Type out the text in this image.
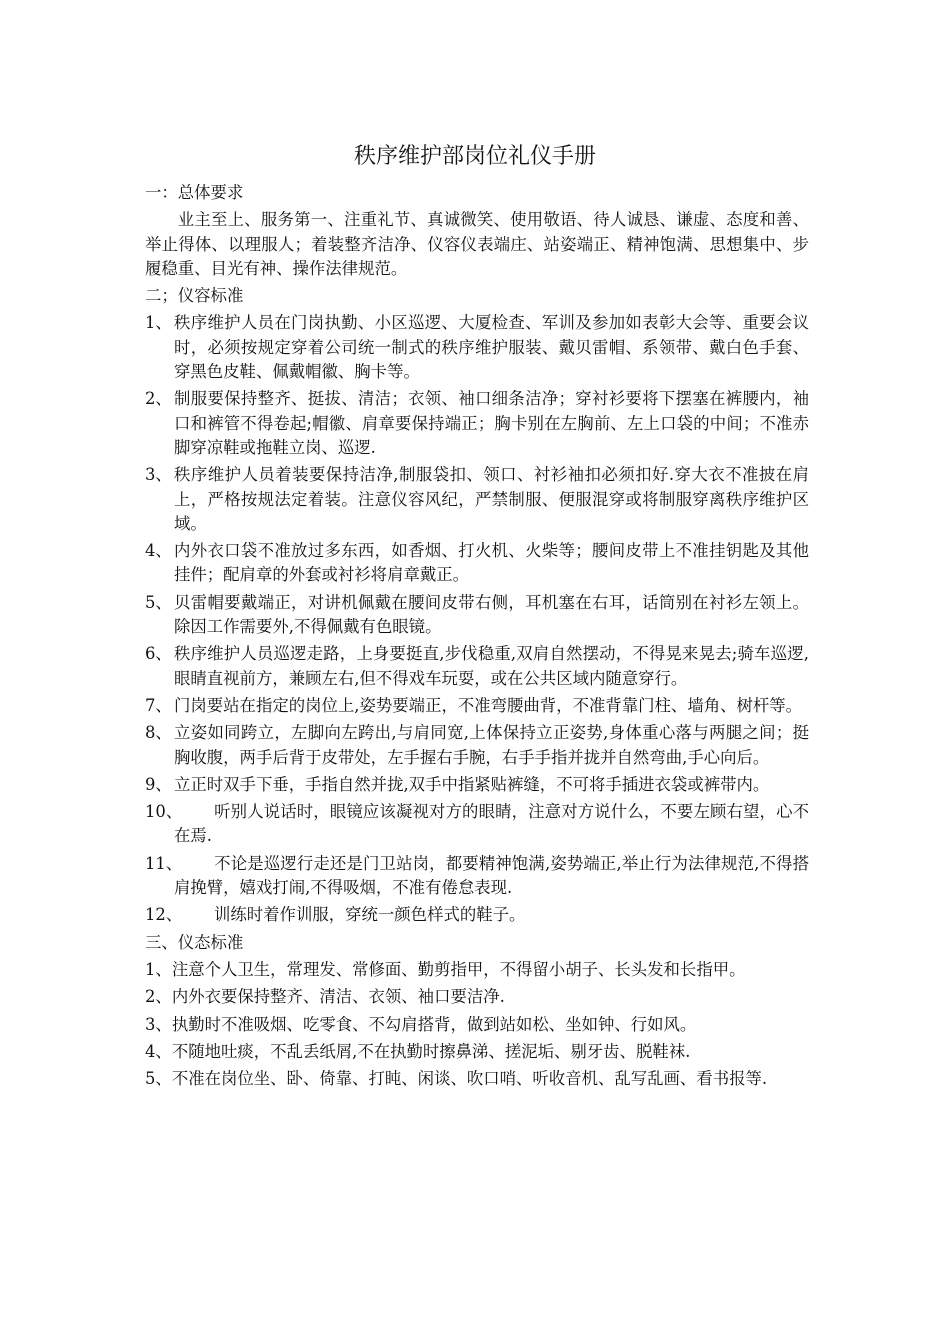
秩序维护部岗位礼仪手册
一：总体要求
业主至上、服务第一、注重礼节、真诚微笑、使用敬语、待人诚恳、谦虚、态度和善、举止得体、以理服人；着装整齐洁净、仪容仪表端庄、站姿端正、精神饱满、思想集中、步履稳重、目光有神、操作法律规范。
二；仪容标准
1、 秩序维护人员在门岗执勤、小区巡逻、大厦检查、军训及参加如表彰大会等、重要会议时，必须按规定穿着公司统一制式的秩序维护服装、戴贝雷帽、系领带、戴白色手套、穿黑色皮鞋、佩戴帽徽、胸卡等。
2、 制服要保持整齐、挺拔、清洁；衣领、袖口细条洁净；穿衬衫要将下摆塞在裤腰内，袖口和裤管不得卷起;帽徽、肩章要保持端正；胸卡别在左胸前、左上口袋的中间；不准赤脚穿凉鞋或拖鞋立岗、巡逻.
3、 秩序维护人员着装要保持洁净,制服袋扣、领口、衬衫袖扣必须扣好.穿大衣不准披在肩上，严格按规法定着装。注意仪容风纪，严禁制服、便服混穿或将制服穿离秩序维护区域。
4、 内外衣口袋不准放过多东西，如香烟、打火机、火柴等；腰间皮带上不准挂钥匙及其他挂件；配肩章的外套或衬衫将肩章戴正。
5、 贝雷帽要戴端正，对讲机佩戴在腰间皮带右侧，耳机塞在右耳，话筒别在衬衫左领上。除因工作需要外,不得佩戴有色眼镜。
6、 秩序维护人员巡逻走路，上身要挺直,步伐稳重,双肩自然摆动，不得晃来晃去;骑车巡逻,眼睛直视前方，兼顾左右,但不得戏车玩耍，或在公共区域内随意穿行。
7、 门岗要站在指定的岗位上,姿势要端正，不准弯腰曲背，不准背靠门柱、墙角、树杆等。
8、 立姿如同跨立，左脚向左跨出,与肩同宽,上体保持立正姿势,身体重心落与两腿之间；挺胸收腹，两手后背于皮带处，左手握右手腕，右手手指并拢并自然弯曲,手心向后。
9、 立正时双手下垂，手指自然并拢,双手中指紧贴裤缝，不可将手插进衣袋或裤带内。
10、 听别人说话时，眼镜应该凝视对方的眼睛，注意对方说什么，不要左顾右望，心不在焉.
11、 不论是巡逻行走还是门卫站岗，都要精神饱满,姿势端正,举止行为法律规范,不得搭肩挽臂，嬉戏打闹,不得吸烟，不准有倦怠表现.
12、 训练时着作训服，穿统一颜色样式的鞋子。
三、仪态标准
1、注意个人卫生，常理发、常修面、勤剪指甲，不得留小胡子、长头发和长指甲。
2、内外衣要保持整齐、清洁、衣领、袖口要洁净.
3、执勤时不准吸烟、吃零食、不勾肩搭背，做到站如松、坐如钟、行如风。
4、不随地吐痰，不乱丢纸屑,不在执勤时擦鼻涕、搓泥垢、剔牙齿、脱鞋袜.
5、不准在岗位坐、卧、倚靠、打盹、闲谈、吹口哨、听收音机、乱写乱画、看书报等.
